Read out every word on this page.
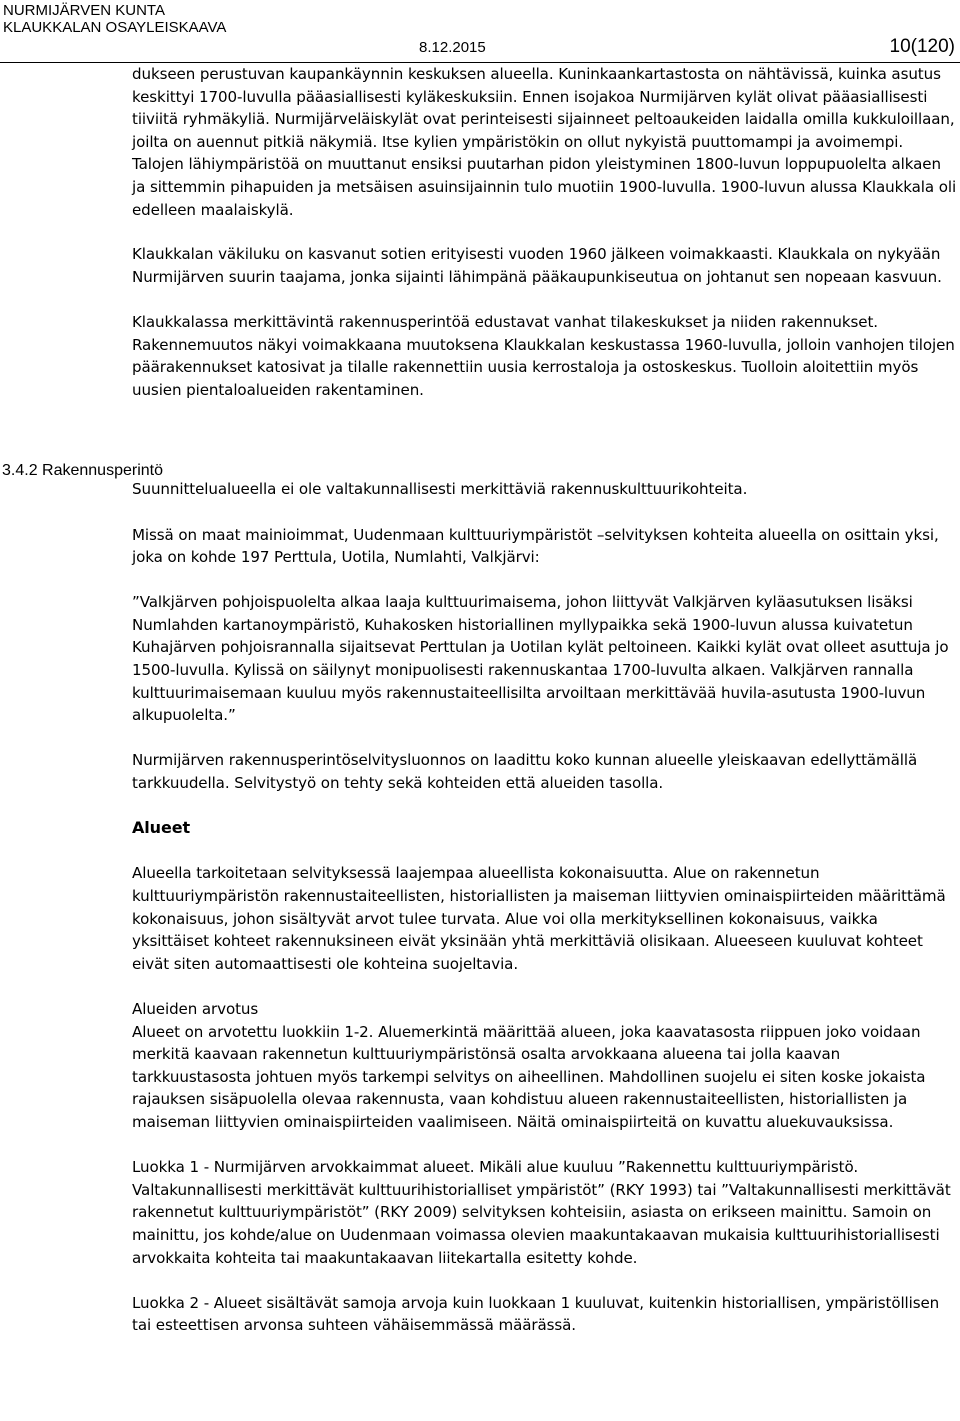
NURMIJÄRVEN KUNTA
KLAUKKALAN OSAYLEISKAAVA
8.12.2015	10(120)
3.4.2 Rakennusperintö

dukseen perustuvan kaupankäynnin keskuksen alueella. Kuninkaankartastosta on nähtävissä, kuinka asutus keskittyi 1700-luvulla pääasiallisesti kyläkeskuksiin. Ennen isojakoa Nurmijärven kylät olivat pääasiallisesti tiiviitä ryhmäkyliä. Nurmijärveläiskylät ovat perinteisesti sijainneet peltoaukeiden laidalla omilla kukkuloillaan, joilta on auennut pitkiä näkymiä. Itse kylien ympäristökin on ollut nykyistä puuttomampi ja avoimempi. Talojen lähiympäristöä on muuttanut ensiksi puutarhan pidon yleistyminen 1800-luvun loppupuolelta alkaen ja sittemmin pihapuiden ja metsäisen asuinsijainnin tulo muotiin 1900-luvulla. 1900-luvun alussa Klaukkala oli edelleen maalaiskylä.

Klaukkalan väkiluku on kasvanut sotien erityisesti vuoden 1960 jälkeen voimakkaasti. Klaukkala on nykyään Nurmijärven suurin taajama, jonka sijainti lähimpänä pääkaupunkiseutua on johtanut sen nopeaan kasvuun.

Klaukkalassa merkittävintä rakennusperintöä edustavat vanhat tilakeskukset ja niiden rakennukset. Rakennemuutos näkyi voimakkaana muutoksena Klaukkalan keskustassa 1960-luvulla, jolloin vanhojen tilojen päärakennukset katosivat ja tilalle rakennettiin uusia kerrostaloja ja ostoskeskus. Tuolloin aloitettiin myös uusien pientaloalueiden rakentaminen.

Suunnittelualueella ei ole valtakunnallisesti merkittäviä rakennuskulttuurikohteita.

Missä on maat mainioimmat, Uudenmaan kulttuuriympäristöt –selvityksen kohteita alueella on osittain yksi, joka on kohde 197 Perttula, Uotila, Numlahti, Valkjärvi:

”Valkjärven pohjoispuolelta alkaa laaja kulttuurimaisema, johon liittyvät Valkjärven kyläasutuksen lisäksi Numlahden kartanoympäristö, Kuhakosken historiallinen myllypaikka sekä 1900-luvun alussa kuivatetun Kuhajärven pohjoisrannalla sijaitsevat Perttulan ja Uotilan kylät peltoineen. Kaikki kylät ovat olleet asuttuja jo 1500-luvulla. Kylissä on säilynyt monipuolisesti rakennuskantaa 1700-luvulta alkaen. Valkjärven rannalla kulttuurimaisemaan kuuluu myös rakennustaiteellisilta arvoiltaan merkittävää huvila-asutusta 1900-luvun alkupuolelta.”

Nurmijärven rakennusperintöselvitysluonnos on laadittu koko kunnan alueelle yleiskaavan edellyttämällä tarkkuudella. Selvitystyö on tehty sekä kohteiden että alueiden tasolla.

Alueet

Alueella tarkoitetaan selvityksessä laajempaa alueellista kokonaisuutta. Alue on rakennetun kulttuuriympäristön rakennustaiteellisten, historiallisten ja maiseman liittyvien ominaispiirteiden määrittämä kokonaisuus, johon sisältyvät arvot tulee turvata. Alue voi olla merkityksellinen kokonaisuus, vaikka yksittäiset kohteet rakennuksineen eivät yksinään yhtä merkittäviä olisikaan. Alueeseen kuuluvat kohteet eivät siten automaattisesti ole kohteina suojeltavia.

Alueiden arvotus

Alueet on arvotettu luokkiin 1-2. Aluemerkintä määrittää alueen, joka kaavatasosta riippuen joko voidaan merkitä kaavaan rakennetun kulttuuriympäristönsä osalta arvokkaana alueena tai jolla kaavan tarkkuustasosta johtuen myös tarkempi selvitys on aiheellinen. Mahdollinen suojelu ei siten koske jokaista rajauksen sisäpuolella olevaa rakennusta, vaan kohdistuu alueen rakennustaiteellisten, historiallisten ja maiseman liittyvien ominaispiirteiden vaalimiseen. Näitä ominaispiirteitä on kuvattu aluekuvauksissa.

Luokka 1 - Nurmijärven arvokkaimmat alueet. Mikäli alue kuuluu ”Rakennettu kulttuuriympäristö. Valtakunnallisesti merkittävät kulttuurihistorialliset ympäristöt” (RKY 1993) tai ”Valtakunnallisesti merkittävät rakennetut kulttuuriympäristöt” (RKY 2009) selvityksen kohteisiin, asiasta on erikseen mainittu. Samoin on mainittu, jos kohde/alue on Uudenmaan voimassa olevien maakuntakaavan mukaisia kulttuurihistoriallisesti arvokkaita kohteita tai maakuntakaavan liitekartalla esitetty kohde.

Luokka 2 - Alueet sisältävät samoja arvoja kuin luokkaan 1 kuuluvat, kuitenkin historiallisen, ympäristöllisen tai esteettisen arvonsa suhteen vähäisemmässä määrässä.
